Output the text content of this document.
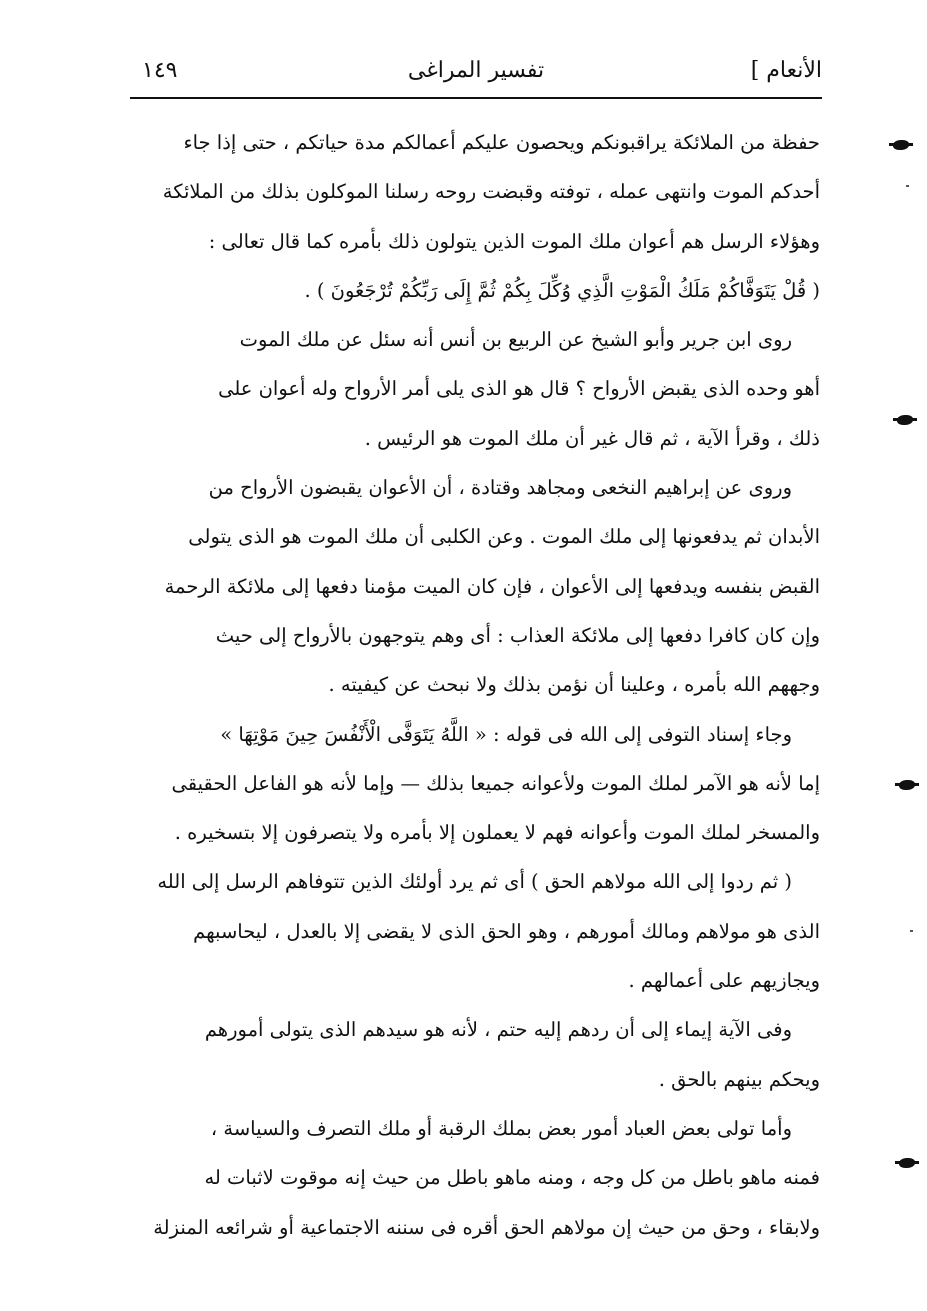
الأنعام ]
تفسير المراغى
١٤٩

حفظة من الملائكة يراقبونكم ويحصون عليكم أعمالكم مدة حياتكم ، حتى إذا جاء
أحدكم الموت وانتهى عمله ، توفته وقبضت روحه رسلنا الموكلون بذلك من الملائكة
وهؤلاء الرسل هم أعوان ملك الموت الذين يتولون ذلك بأمره كما قال تعالى :
( قُلْ يَتَوَفَّاكُمْ مَلَكُ الْمَوْتِ الَّذِي وُكِّلَ بِكُمْ ثُمَّ إِلَى رَبِّكُمْ تُرْجَعُونَ ) .

روى ابن جرير وأبو الشيخ عن الربيع بن أنس أنه سئل عن ملك الموت
أهو وحده الذى يقبض الأرواح ؟ قال هو الذى يلى أمر الأرواح وله أعوان على
ذلك ، وقرأ الآية ، ثم قال غير أن ملك الموت هو الرئيس .

وروى عن إبراهيم النخعى ومجاهد وقتادة ، أن الأعوان يقبضون الأرواح من
الأبدان ثم يدفعونها إلى ملك الموت . وعن الكلبى أن ملك الموت هو الذى يتولى
القبض بنفسه ويدفعها إلى الأعوان ، فإن كان الميت مؤمنا دفعها إلى ملائكة الرحمة
وإن كان كافرا دفعها إلى ملائكة العذاب : أى وهم يتوجهون بالأرواح إلى حيث
وجههم الله بأمره ، وعلينا أن نؤمن بذلك ولا نبحث عن كيفيته .

وجاء إسناد التوفى إلى الله فى قوله : « اللَّهُ يَتَوَفَّى الْأَنْفُسَ حِينَ مَوْتِهَا »
إما لأنه هو الآمر لملك الموت ولأعوانه جميعا بذلك — وإما لأنه هو الفاعل الحقيقى
والمسخر لملك الموت وأعوانه فهم لا يعملون إلا بأمره ولا يتصرفون إلا بتسخيره .

( ثم ردوا إلى الله مولاهم الحق ) أى ثم يرد أولئك الذين تتوفاهم الرسل إلى الله
الذى هو مولاهم ومالك أمورهم ، وهو الحق الذى لا يقضى إلا بالعدل ، ليحاسبهم
ويجازيهم على أعمالهم .

وفى الآية إيماء إلى أن ردهم إليه حتم ، لأنه هو سيدهم الذى يتولى أمورهم
ويحكم بينهم بالحق .

وأما تولى بعض العباد أمور بعض بملك الرقبة أو ملك التصرف والسياسة ،
فمنه ماهو باطل من كل وجه ، ومنه ماهو باطل من حيث إنه موقوت لاثبات له
ولابقاء ، وحق من حيث إن مولاهم الحق أقره فى سننه الاجتماعية أو شرائعه المنزلة
